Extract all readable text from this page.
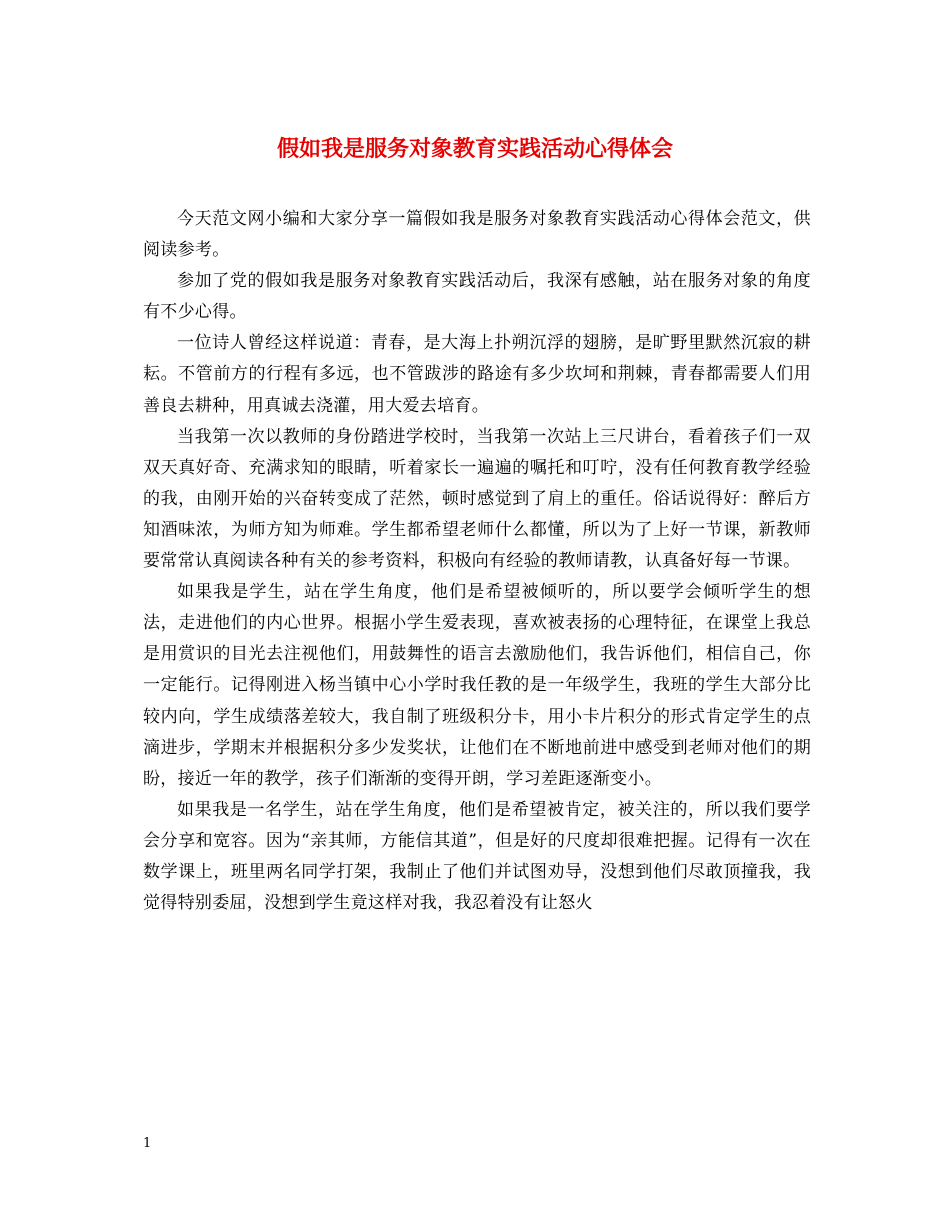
假如我是服务对象教育实践活动心得体会

今天范文网小编和大家分享一篇假如我是服务对象教育实践活动心得体会范文，供阅读参考。

参加了党的假如我是服务对象教育实践活动后，我深有感触，站在服务对象的角度有不少心得。

一位诗人曾经这样说道：青春，是大海上扑朔沉浮的翅膀，是旷野里默然沉寂的耕耘。不管前方的行程有多远，也不管跋涉的路途有多少坎坷和荆棘，青春都需要人们用善良去耕种，用真诚去浇灌，用大爱去培育。

当我第一次以教师的身份踏进学校时，当我第一次站上三尺讲台，看着孩子们一双双天真好奇、充满求知的眼睛，听着家长一遍遍的嘱托和叮咛，没有任何教育教学经验的我，由刚开始的兴奋转变成了茫然，顿时感觉到了肩上的重任。俗话说得好：醉后方知酒味浓，为师方知为师难。学生都希望老师什么都懂，所以为了上好一节课，新教师要常常认真阅读各种有关的参考资料，积极向有经验的教师请教，认真备好每一节课。

如果我是学生，站在学生角度，他们是希望被倾听的，所以要学会倾听学生的想法，走进他们的内心世界。根据小学生爱表现，喜欢被表扬的心理特征，在课堂上我总是用赏识的目光去注视他们，用鼓舞性的语言去激励他们，我告诉他们，相信自己，你一定能行。记得刚进入杨当镇中心小学时我任教的是一年级学生，我班的学生大部分比较内向，学生成绩落差较大，我自制了班级积分卡，用小卡片积分的形式肯定学生的点滴进步，学期末并根据积分多少发奖状，让他们在不断地前进中感受到老师对他们的期盼，接近一年的教学，孩子们渐渐的变得开朗，学习差距逐渐变小。

如果我是一名学生，站在学生角度，他们是希望被肯定，被关注的，所以我们要学会分享和宽容。因为“亲其师，方能信其道”，但是好的尺度却很难把握。记得有一次在数学课上，班里两名同学打架，我制止了他们并试图劝导，没想到他们尽敢顶撞我，我觉得特别委屈，没想到学生竟这样对我，我忍着没有让怒火

1
